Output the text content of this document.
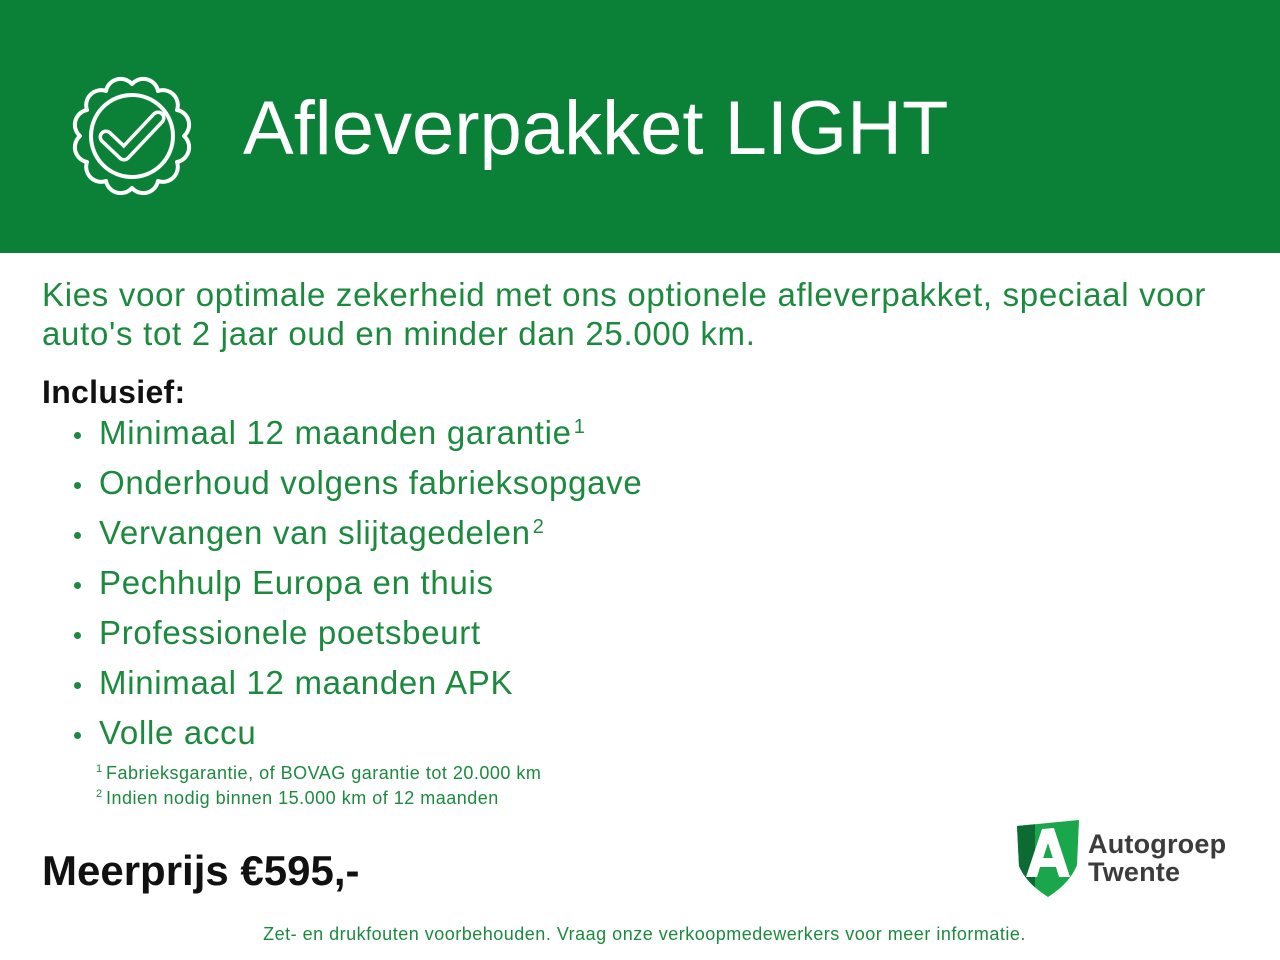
Afleverpakket LIGHT

Kies voor optimale zekerheid met ons optionele afleverpakket, speciaal voor
auto's tot 2 jaar oud en minder dan 25.000 km.

Inclusief:
Minimaal 12 maanden garantie $^1$
Onderhoud volgens fabrieksopgave
Vervangen van slijtagedelen $^2$
Pechhulp Europa en thuis
Professionele poetsbeurt
Minimaal 12 maanden APK
Volle accu
1 Fabrieksgarantie, of BOVAG garantie tot 20.000 km
2 Indien nodig binnen 15.000 km of 12 maanden
Meerprijs €595,-
Autogroep
Twente
Zet- en drukfouten voorbehouden. Vraag onze verkoopmedewerkers voor meer informatie.
